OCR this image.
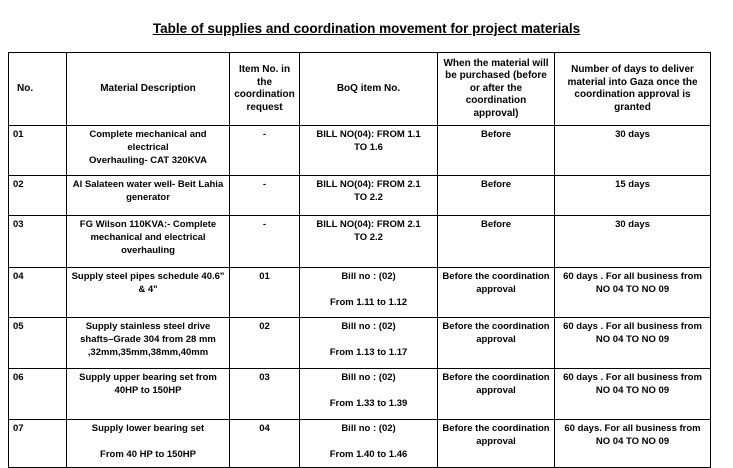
Table of supplies and coordination movement for project materials
No.	Material Description	Item No. in the coordination request	BoQ item No.	When the material will be purchased (before or after the coordination approval)	Number of days to deliver material into Gaza once the coordination approval is granted
01	Complete mechanical and
electrical
Overhauling- CAT 320KVA	-	BILL NO(04): FROM 1.1
TO 1.6	Before	30 days
02	Al Salateen water well- Beit Lahia
generator	-	BILL NO(04): FROM 2.1
TO 2.2	Before	15 days
03	FG Wilson 110KVA:- Complete
mechanical and electrical
overhauling	-	BILL NO(04): FROM 2.1
TO 2.2	Before	30 days
04	Supply steel pipes schedule 40.6"
& 4"	01	Bill no : (02)

From 1.11 to 1.12	Before the coordination
approval	60 days . For all business from
NO 04 TO NO 09
05	Supply stainless steel drive
shafts–Grade 304 from 28 mm
,32mm,35mm,38mm,40mm	02	Bill no : (02)

From 1.13 to 1.17	Before the coordination
approval	60 days . For all business from
NO 04 TO NO 09
06	Supply upper bearing set from
40HP to 150HP	03	Bill no : (02)

From 1.33 to 1.39	Before the coordination
approval	60 days . For all business from
NO 04 TO NO 09
07	Supply lower bearing set

From 40 HP to 150HP	04	Bill no : (02)

From 1.40 to 1.46	Before the coordination
approval	60 days. For all business from
NO 04 TO NO 09
